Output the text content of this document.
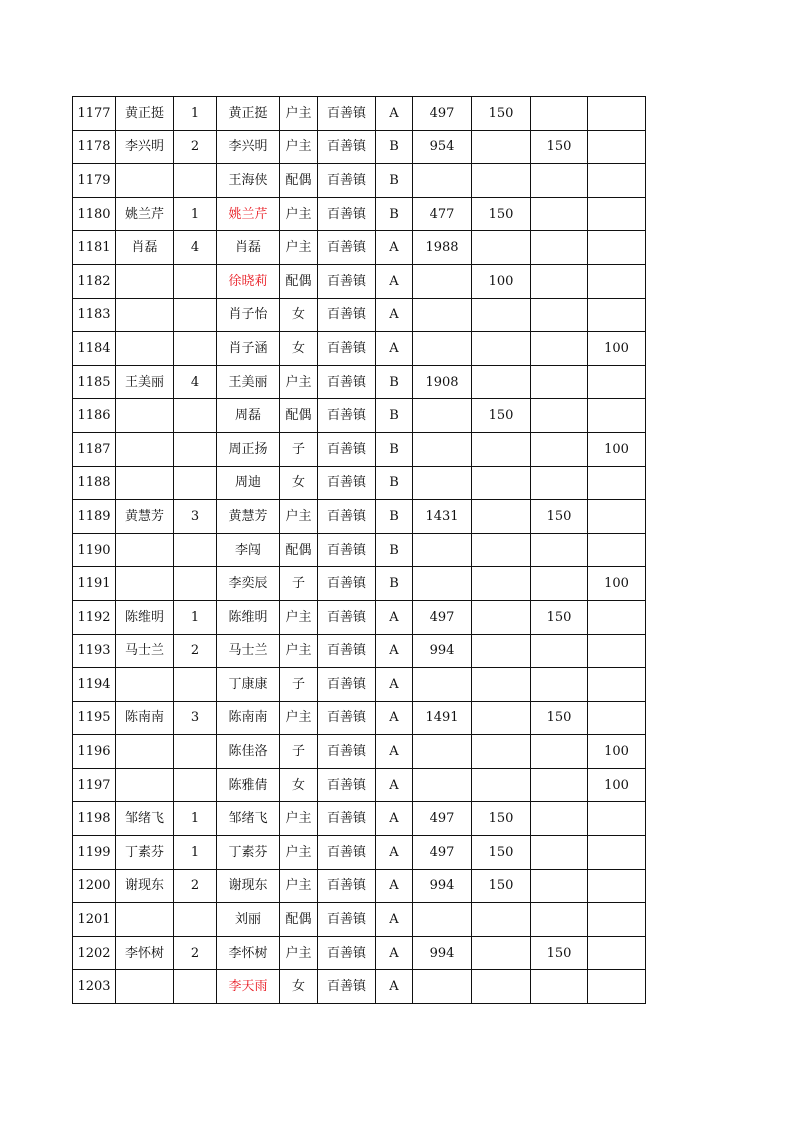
1177	黄正挺	1	黄正挺	户主	百善镇	A	497	150		
1178	李兴明	2	李兴明	户主	百善镇	B	954		150	
1179			王海侠	配偶	百善镇	B				
1180	姚兰芹	1	姚兰芹	户主	百善镇	B	477	150		
1181	肖磊	4	肖磊	户主	百善镇	A	1988			
1182			徐晓莉	配偶	百善镇	A		100		
1183			肖子怡	女	百善镇	A				
1184			肖子涵	女	百善镇	A				100
1185	王美丽	4	王美丽	户主	百善镇	B	1908			
1186			周磊	配偶	百善镇	B		150		
1187			周正扬	子	百善镇	B				100
1188			周迪	女	百善镇	B				
1189	黄慧芳	3	黄慧芳	户主	百善镇	B	1431		150	
1190			李闯	配偶	百善镇	B				
1191			李奕辰	子	百善镇	B				100
1192	陈维明	1	陈维明	户主	百善镇	A	497		150	
1193	马士兰	2	马士兰	户主	百善镇	A	994			
1194			丁康康	子	百善镇	A				
1195	陈南南	3	陈南南	户主	百善镇	A	1491		150	
1196			陈佳洛	子	百善镇	A				100
1197			陈雅倩	女	百善镇	A				100
1198	邹绪飞	1	邹绪飞	户主	百善镇	A	497	150		
1199	丁素芬	1	丁素芬	户主	百善镇	A	497	150		
1200	谢现东	2	谢现东	户主	百善镇	A	994	150		
1201			刘丽	配偶	百善镇	A				
1202	李怀树	2	李怀树	户主	百善镇	A	994		150	
1203			李天雨	女	百善镇	A				
